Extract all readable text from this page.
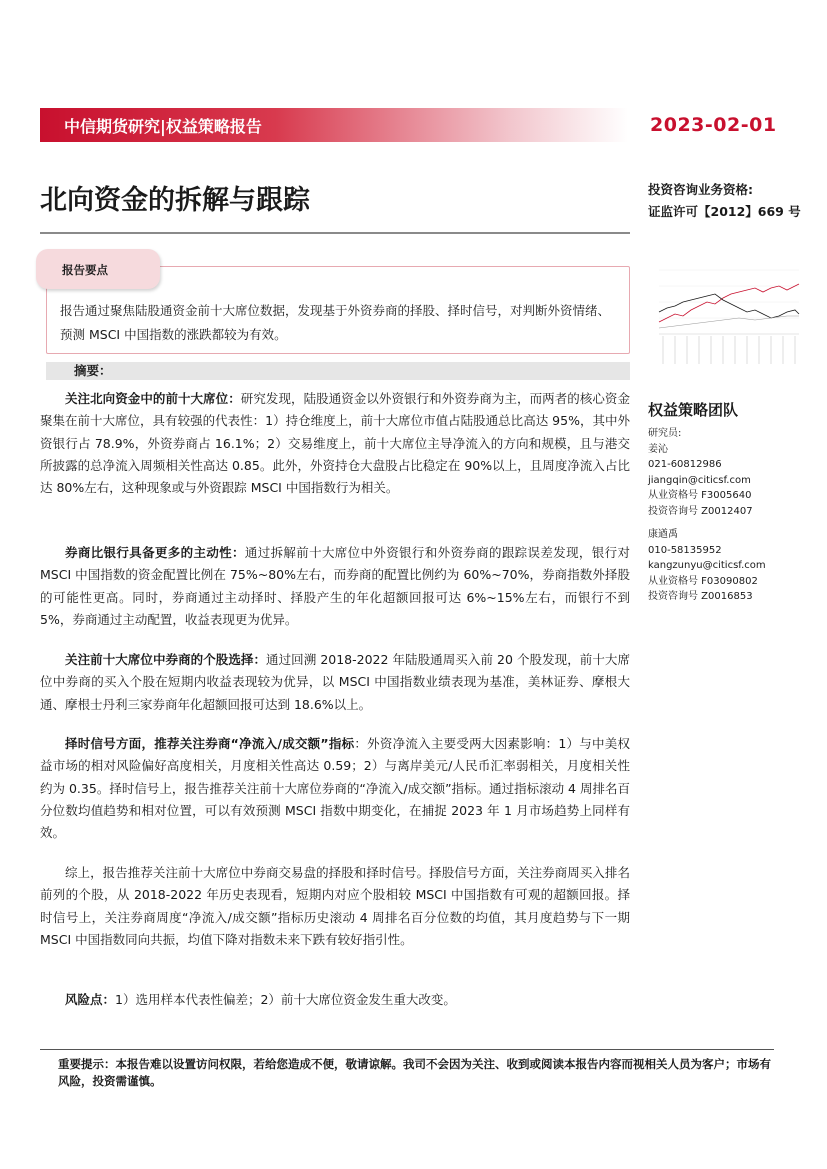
中信期货研究|权益策略报告	2023-02-01
北向资金的拆解与跟踪	投资咨询业务资格:
证监许可【2012】669 号
报告要点
报告通过聚焦陆股通资金前十大席位数据，发现基于外资券商的择股、择时信号，对判断外资情绪、预测 MSCI 中国指数的涨跌都较为有效。
摘要：
关注北向资金中的前十大席位：研究发现，陆股通资金以外资银行和外资券商为主，而两者的核心资金聚集在前十大席位，具有较强的代表性：1）持仓维度上，前十大席位市值占陆股通总比高达 95%，其中外资银行占 78.9%，外资券商占 16.1%；2）交易维度上，前十大席位主导净流入的方向和规模，且与港交所披露的总净流入周频相关性高达 0.85。此外，外资持仓大盘股占比稳定在 90%以上，且周度净流入占比达 80%左右，这种现象或与外资跟踪 MSCI 中国指数行为相关。
券商比银行具备更多的主动性：通过拆解前十大席位中外资银行和外资券商的跟踪误差发现，银行对 MSCI 中国指数的资金配置比例在 75%~80%左右，而券商的配置比例约为 60%~70%，券商指数外择股的可能性更高。同时，券商通过主动择时、择股产生的年化超额回报可达 6%~15%左右，而银行不到 5%，券商通过主动配置，收益表现更为优异。
关注前十大席位中券商的个股选择：通过回溯 2018-2022 年陆股通周买入前 20 个股发现，前十大席位中券商的买入个股在短期内收益表现较为优异，以 MSCI 中国指数业绩表现为基准，美林证券、摩根大通、摩根士丹利三家券商年化超额回报可达到 18.6%以上。
择时信号方面，推荐关注券商“净流入/成交额”指标：外资净流入主要受两大因素影响：1）与中美权益市场的相对风险偏好高度相关，月度相关性高达 0.59；2）与离岸美元/人民币汇率弱相关，月度相关性约为 0.35。择时信号上，报告推荐关注前十大席位券商的“净流入/成交额”指标。通过指标滚动 4 周排名百分位数均值趋势和相对位置，可以有效预测 MSCI 指数中期变化，在捕捉 2023 年 1 月市场趋势上同样有效。
综上，报告推荐关注前十大席位中券商交易盘的择股和择时信号。择股信号方面，关注券商周买入排名前列的个股，从 2018-2022 年历史表现看，短期内对应个股相较 MSCI 中国指数有可观的超额回报。择时信号上，关注券商周度“净流入/成交额”指标历史滚动 4 周排名百分位数的均值，其月度趋势与下一期 MSCI 中国指数同向共振，均值下降对指数未来下跌有较好指引性。
风险点：1）选用样本代表性偏差；2）前十大席位资金发生重大改变。
权益策略团队
研究员:
姜沁
021-60812986
jiangqin@citicsf.com
从业资格号 F3005640
投资咨询号 Z0012407
康遒禹
010-58135952
kangzunyu@citicsf.com
从业资格号 F03090802
投资咨询号 Z0016853
重要提示：本报告难以设置访问权限，若给您造成不便，敬请谅解。我司不会因为关注、收到或阅读本报告内容而视相关人员为客户；市场有风险，投资需谨慎。
